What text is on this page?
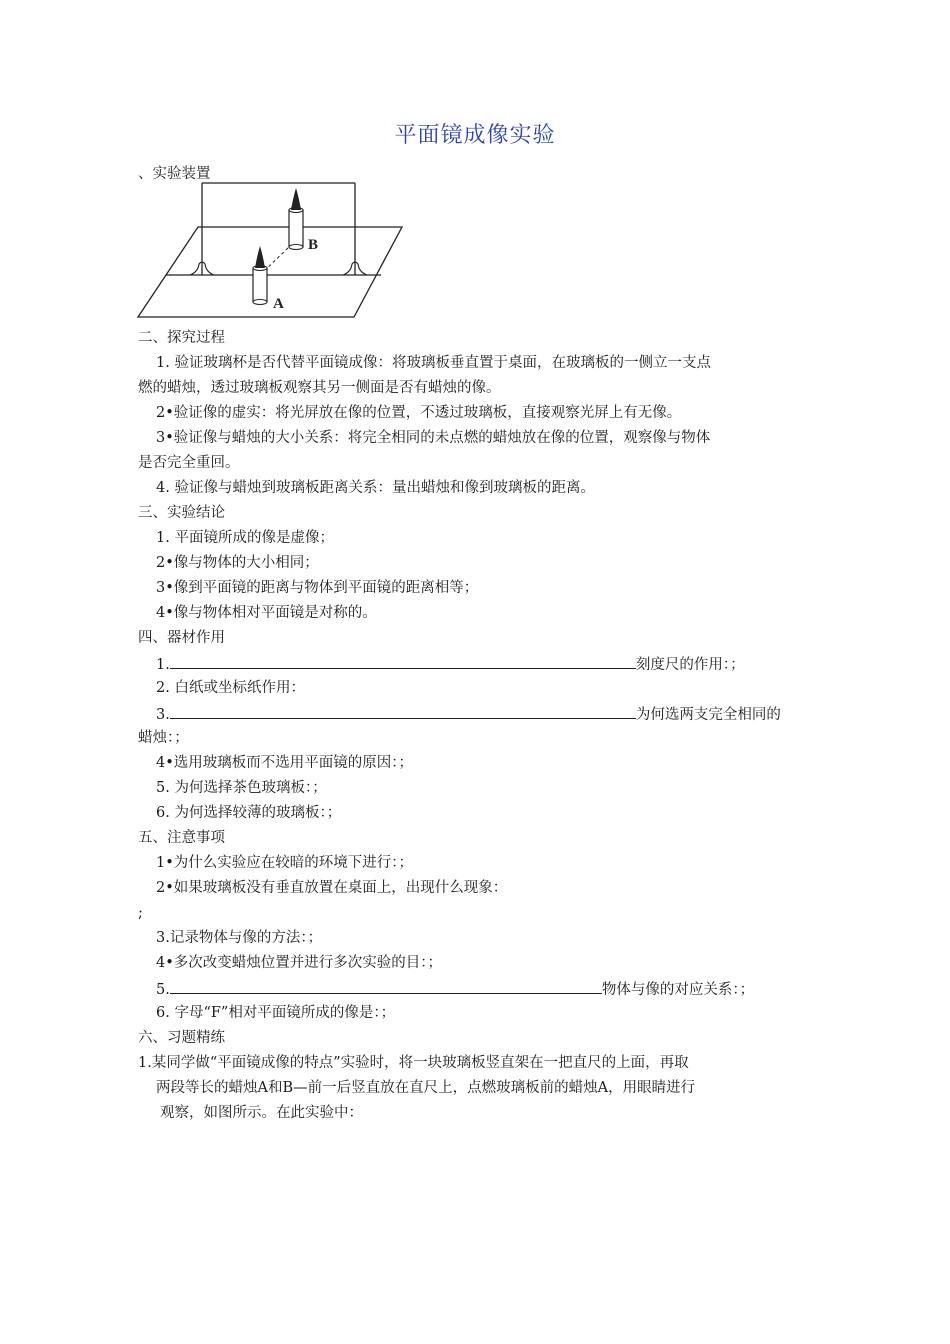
平面镜成像实验
、实验装置
B
A
二、探究过程
1. 验证玻璃杯是否代替平面镜成像：将玻璃板垂直置于桌面，在玻璃板的一侧立一支点
燃的蜡烛，透过玻璃板观察其另一侧面是否有蜡烛的像。
2•验证像的虚实：将光屏放在像的位置，不透过玻璃板，直接观察光屏上有无像。
3•验证像与蜡烛的大小关系：将完全相同的未点燃的蜡烛放在像的位置，观察像与物体
是否完全重回。
4. 验证像与蜡烛到玻璃板距离关系：量出蜡烛和像到玻璃板的距离。
三、实验结论
1. 平面镜所成的像是虚像；
2•像与物体的大小相同；
3•像到平面镜的距离与物体到平面镜的距离相等；
4•像与物体相对平面镜是对称的。
四、器材作用
1.	刻度尺的作用：；
2. 白纸或坐标纸作用：
3.	为何选两支完全相同的
蜡烛：；
4•选用玻璃板而不选用平面镜的原因：；
5. 为何选择茶色玻璃板：；
6. 为何选择较薄的玻璃板：；
五、注意事项
1•为什么实验应在较暗的环境下进行：；
2•如果玻璃板没有垂直放置在桌面上，出现什么现象：
;
3.记录物体与像的方法：；
4•多次改变蜡烛位置并进行多次实验的目：；
5.	物体与像的对应关系：；
6. 字母“F”相对平面镜所成的像是：；
六、习题精练
1.某同学做“平面镜成像的特点”实验时，将一块玻璃板竖直架在一把直尺的上面，再取
两段等长的蜡烛A和B—前一后竖直放在直尺上，点燃玻璃板前的蜡烛A，用眼睛进行
观察，如图所示。在此实验中：
